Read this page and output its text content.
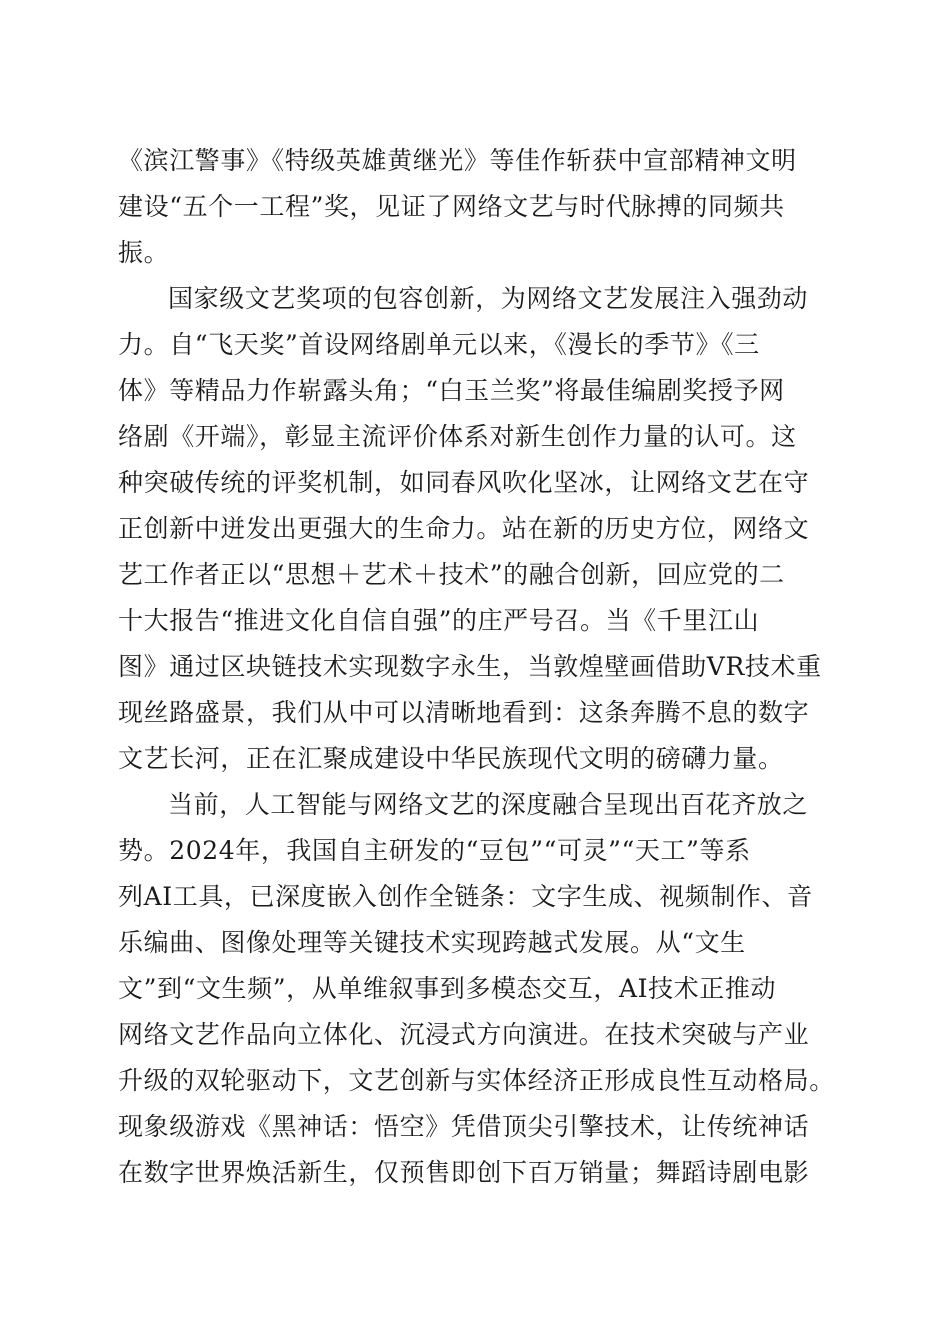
《滨江警事》《特级英雄黄继光》等佳作斩获中宣部精神文明
建设“五个一工程”奖，见证了网络文艺与时代脉搏的同频共
振。
国家级文艺奖项的包容创新，为网络文艺发展注入强劲动
力。自“飞天奖”首设网络剧单元以来，《漫长的季节》《三
体》等精品力作崭露头角；“白玉兰奖”将最佳编剧奖授予网
络剧《开端》，彰显主流评价体系对新生创作力量的认可。这
种突破传统的评奖机制，如同春风吹化坚冰，让网络文艺在守
正创新中迸发出更强大的生命力。站在新的历史方位，网络文
艺工作者正以“思想＋艺术＋技术”的融合创新，回应党的二
十大报告“推进文化自信自强”的庄严号召。当《千里江山
图》通过区块链技术实现数字永生，当敦煌壁画借助VR技术重
现丝路盛景，我们从中可以清晰地看到：这条奔腾不息的数字
文艺长河，正在汇聚成建设中华民族现代文明的磅礴力量。
当前，人工智能与网络文艺的深度融合呈现出百花齐放之
势。2024年，我国自主研发的“豆包”“可灵”“天工”等系
列AI工具，已深度嵌入创作全链条：文字生成、视频制作、音
乐编曲、图像处理等关键技术实现跨越式发展。从“文生
文”到“文生频”，从单维叙事到多模态交互，AI技术正推动
网络文艺作品向立体化、沉浸式方向演进。在技术突破与产业
升级的双轮驱动下，文艺创新与实体经济正形成良性互动格局。
现象级游戏《黑神话：悟空》凭借顶尖引擎技术，让传统神话
在数字世界焕活新生，仅预售即创下百万销量；舞蹈诗剧电影
